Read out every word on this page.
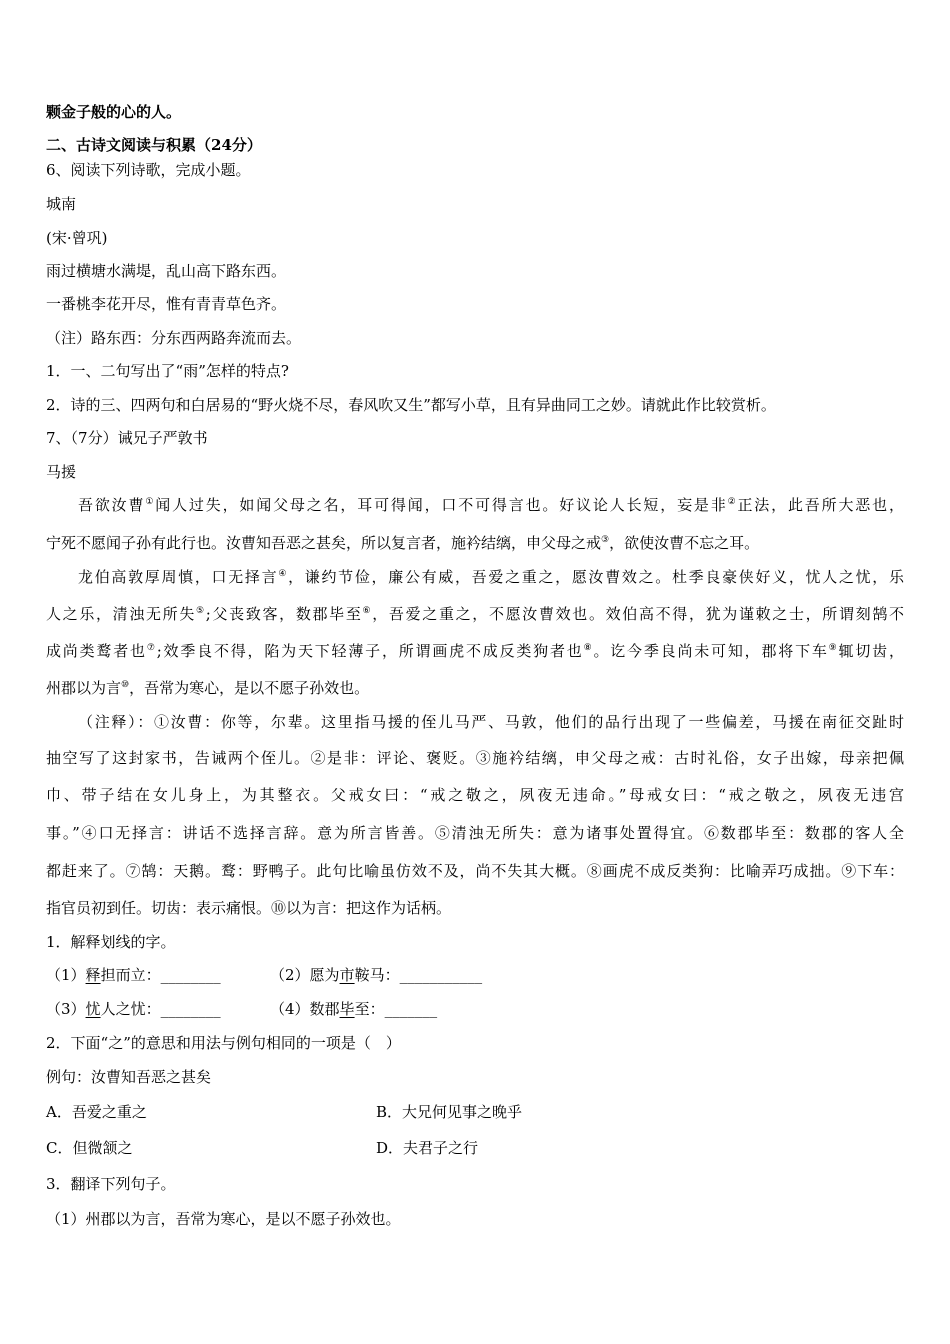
颗金子般的心的人。
二、古诗文阅读与积累（24分）
6、阅读下列诗歌，完成小题。
城南
(宋·曾巩)
雨过横塘水满堤，乱山高下路东西。
一番桃李花开尽，惟有青青草色齐。
（注）路东西：分东西两路奔流而去。
1．一、二句写出了“雨”怎样的特点?
2．诗的三、四两句和白居易的“野火烧不尽，春风吹又生”都写小草，且有异曲同工之妙。请就此作比较赏析。
7、（7分）诫兄子严敦书
马援
吾欲汝曹①闻人过失，如闻父母之名，耳可得闻，口不可得言也。好议论人长短，妄是非②正法，此吾所大恶也，
宁死不愿闻子孙有此行也。汝曹知吾恶之甚矣，所以复言者，施衿结缡，申父母之戒③，欲使汝曹不忘之耳。
龙伯高敦厚周慎，口无择言④，谦约节俭，廉公有威，吾爱之重之，愿汝曹效之。杜季良豪侠好义，忧人之忧，乐
人之乐，清浊无所失⑤;父丧致客，数郡毕至⑥，吾爱之重之，不愿汝曹效也。效伯高不得，犹为谨敕之士，所谓刻鹄不
成尚类鹜者也⑦;效季良不得，陷为天下轻薄子，所谓画虎不成反类狗者也⑧。讫今季良尚未可知，郡将下车⑨辄切齿，
州郡以为言⑩，吾常为寒心，是以不愿子孙效也。
（注释）：①汝曹：你等，尔辈。这里指马援的侄儿马严、马敦，他们的品行出现了一些偏差，马援在南征交趾时
抽空写了这封家书，告诫两个侄儿。②是非：评论、褒贬。③施衿结缡，申父母之戒：古时礼俗，女子出嫁，母亲把佩
巾、带子结在女儿身上，为其整衣。父戒女曰：“戒之敬之，夙夜无违命。”母戒女曰：“戒之敬之，夙夜无违宫
事。”④口无择言：讲话不选择言辞。意为所言皆善。⑤清浊无所失：意为诸事处置得宜。⑥数郡毕至：数郡的客人全
都赶来了。⑦鹄：天鹅。鹜：野鸭子。此句比喻虽仿效不及，尚不失其大概。⑧画虎不成反类狗：比喻弄巧成拙。⑨下车：
指官员初到任。切齿：表示痛恨。⑩以为言：把这作为话柄。
1．解释划线的字。
（1）释担而立：________	（2）愿为市鞍马：___________
（3）忧人之忧：________	（4）数郡毕至：_______
2．下面“之”的意思和用法与例句相同的一项是（　）
例句：汝曹知吾恶之甚矣
A．吾爱之重之	B．大兄何见事之晚乎
C．但微颔之	D．夫君子之行
3．翻译下列句子。
（1）州郡以为言，吾常为寒心，是以不愿子孙效也。
